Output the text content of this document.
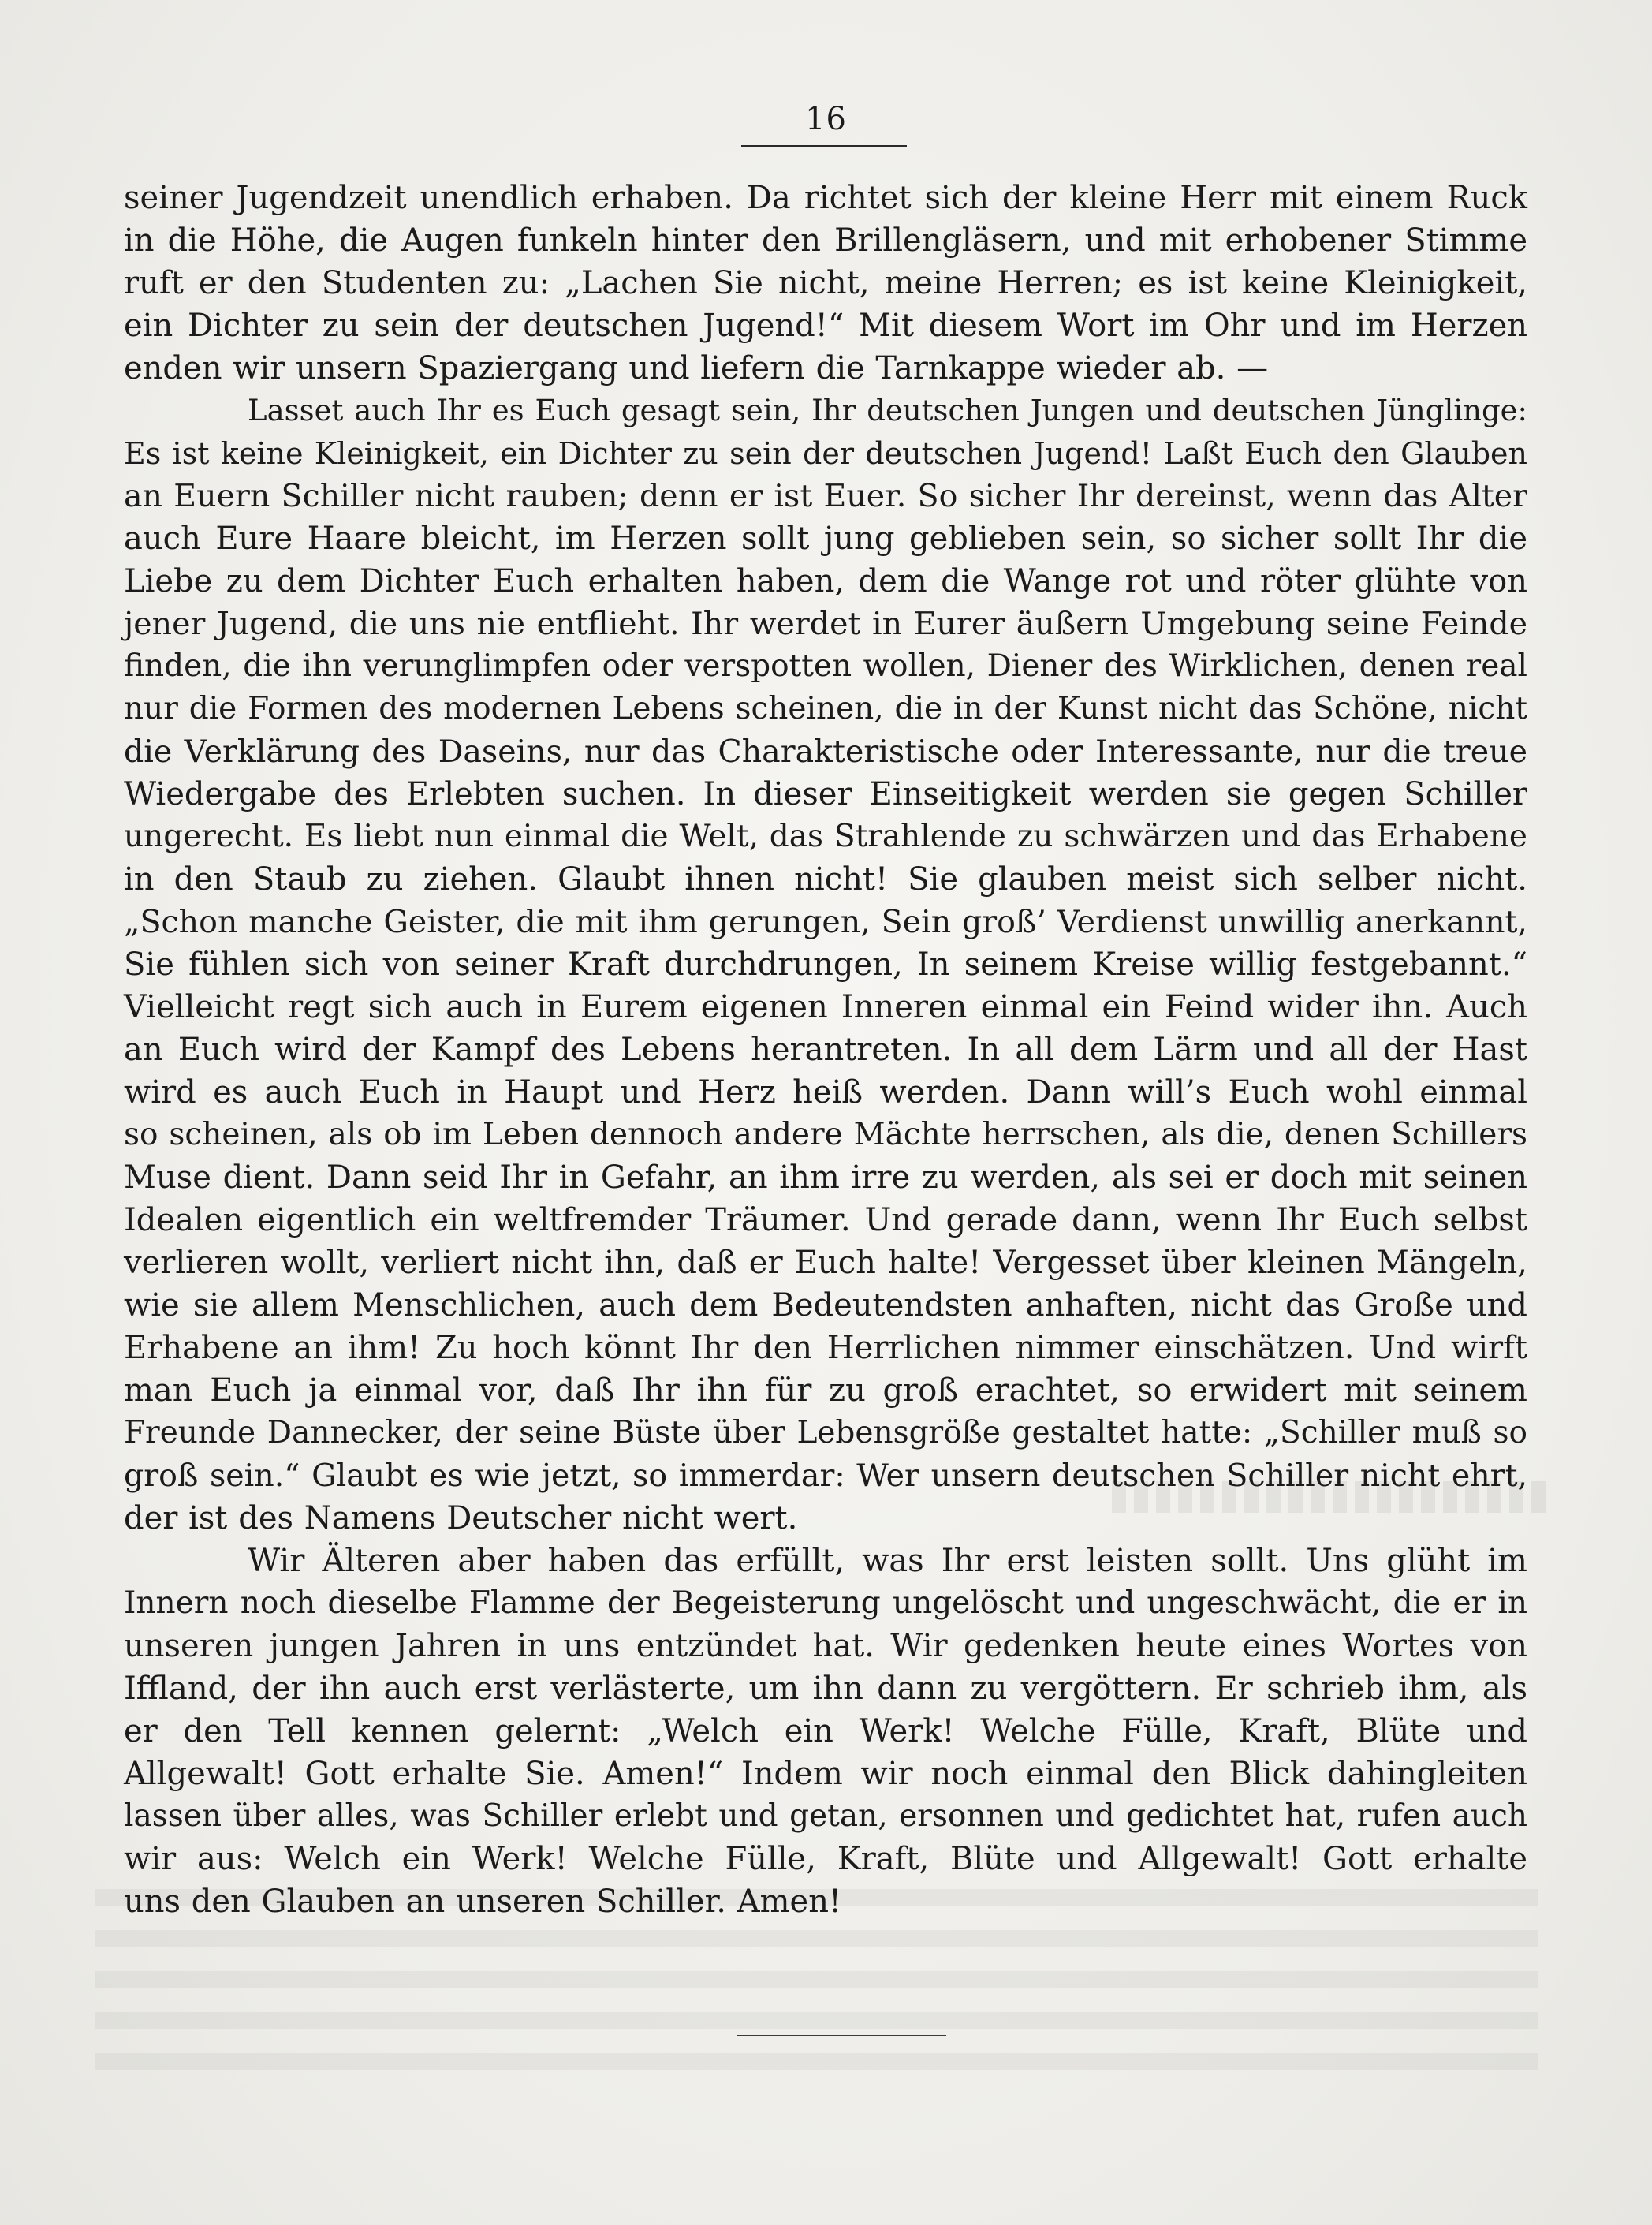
16
seiner Jugendzeit unendlich erhaben. Da richtet sich der kleine Herr mit einem Ruck
in die Höhe, die Augen funkeln hinter den Brillengläsern, und mit erhobener Stimme
ruft er den Studenten zu: „Lachen Sie nicht, meine Herren; es ist keine Kleinigkeit,
ein Dichter zu sein der deutschen Jugend!“ Mit diesem Wort im Ohr und im Herzen
enden wir unsern Spaziergang und liefern die Tarnkappe wieder ab. —
Lasset auch Ihr es Euch gesagt sein, Ihr deutschen Jungen und deutschen Jünglinge:
Es ist keine Kleinigkeit, ein Dichter zu sein der deutschen Jugend! Laßt Euch den Glauben
an Euern Schiller nicht rauben; denn er ist Euer. So sicher Ihr dereinst, wenn das Alter
auch Eure Haare bleicht, im Herzen sollt jung geblieben sein, so sicher sollt Ihr die
Liebe zu dem Dichter Euch erhalten haben, dem die Wange rot und röter glühte von
jener Jugend, die uns nie entflieht. Ihr werdet in Eurer äußern Umgebung seine Feinde
finden, die ihn verunglimpfen oder verspotten wollen, Diener des Wirklichen, denen real
nur die Formen des modernen Lebens scheinen, die in der Kunst nicht das Schöne, nicht
die Verklärung des Daseins, nur das Charakteristische oder Interessante, nur die treue
Wiedergabe des Erlebten suchen. In dieser Einseitigkeit werden sie gegen Schiller
ungerecht. Es liebt nun einmal die Welt, das Strahlende zu schwärzen und das Erhabene
in den Staub zu ziehen. Glaubt ihnen nicht! Sie glauben meist sich selber nicht.
„Schon manche Geister, die mit ihm gerungen, Sein groß’ Verdienst unwillig anerkannt,
Sie fühlen sich von seiner Kraft durchdrungen, In seinem Kreise willig festgebannt.“
Vielleicht regt sich auch in Eurem eigenen Inneren einmal ein Feind wider ihn. Auch
an Euch wird der Kampf des Lebens herantreten. In all dem Lärm und all der Hast
wird es auch Euch in Haupt und Herz heiß werden. Dann will’s Euch wohl einmal
so scheinen, als ob im Leben dennoch andere Mächte herrschen, als die, denen Schillers
Muse dient. Dann seid Ihr in Gefahr, an ihm irre zu werden, als sei er doch mit seinen
Idealen eigentlich ein weltfremder Träumer. Und gerade dann, wenn Ihr Euch selbst
verlieren wollt, verliert nicht ihn, daß er Euch halte! Vergesset über kleinen Mängeln,
wie sie allem Menschlichen, auch dem Bedeutendsten anhaften, nicht das Große und
Erhabene an ihm! Zu hoch könnt Ihr den Herrlichen nimmer einschätzen. Und wirft
man Euch ja einmal vor, daß Ihr ihn für zu groß erachtet, so erwidert mit seinem
Freunde Dannecker, der seine Büste über Lebensgröße gestaltet hatte: „Schiller muß so
groß sein.“ Glaubt es wie jetzt, so immerdar: Wer unsern deutschen Schiller nicht ehrt,
der ist des Namens Deutscher nicht wert.
Wir Älteren aber haben das erfüllt, was Ihr erst leisten sollt. Uns glüht im
Innern noch dieselbe Flamme der Begeisterung ungelöscht und ungeschwächt, die er in
unseren jungen Jahren in uns entzündet hat. Wir gedenken heute eines Wortes von
Iffland, der ihn auch erst verlästerte, um ihn dann zu vergöttern. Er schrieb ihm, als
er den Tell kennen gelernt: „Welch ein Werk! Welche Fülle, Kraft, Blüte und
Allgewalt! Gott erhalte Sie. Amen!“ Indem wir noch einmal den Blick dahingleiten
lassen über alles, was Schiller erlebt und getan, ersonnen und gedichtet hat, rufen auch
wir aus: Welch ein Werk! Welche Fülle, Kraft, Blüte und Allgewalt! Gott erhalte
uns den Glauben an unseren Schiller. Amen!
